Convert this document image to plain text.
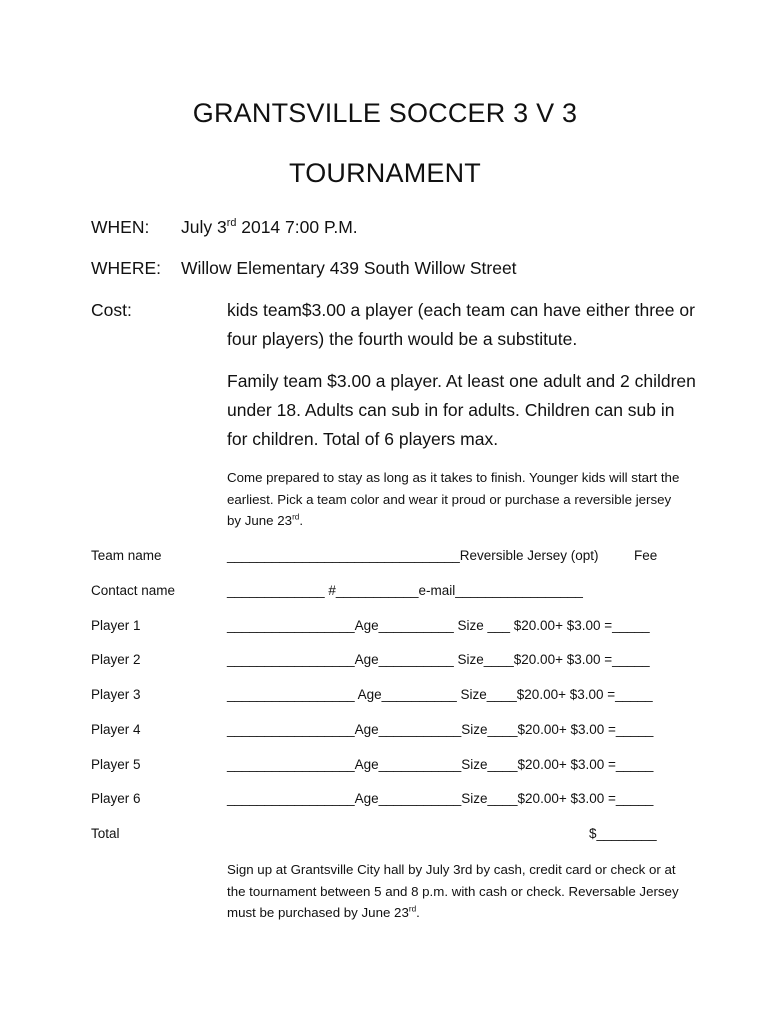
GRANTSVILLE SOCCER 3 V 3
TOURNAMENT
WHEN: July 3rd 2014 7:00 P.M.
WHERE: Willow Elementary 439 South Willow Street
Cost:	kids team$3.00 a player (each team can have either three or four players) the fourth would be a substitute.
Family team $3.00 a player. At least one adult and 2 children under 18. Adults can sub in for adults. Children can sub in for children. Total of 6 players max.
Come prepared to stay as long as it takes to finish. Younger kids will start the earliest. Pick a team color and wear it proud or purchase a reversible jersey by June 23rd.
Team name	_______________________________Reversible Jersey (opt)	Fee
Contact name	_____________ #___________e-mail_________________
Player 1	_________________Age__________ Size ___ $20.00+ $3.00 =_____
Player 2	_________________Age__________ Size____$20.00+ $3.00 =_____
Player 3	_________________ Age__________ Size____$20.00+ $3.00 =_____
Player 4	_________________Age___________Size____$20.00+ $3.00 =_____
Player 5	_________________Age___________Size____$20.00+ $3.00 =_____
Player 6	_________________Age___________Size____$20.00+ $3.00 =_____
Total	$________
Sign up at Grantsville City hall by July 3rd by cash, credit card or check or at the tournament between 5 and 8 p.m. with cash or check. Reversable Jersey must be purchased by June 23rd.
